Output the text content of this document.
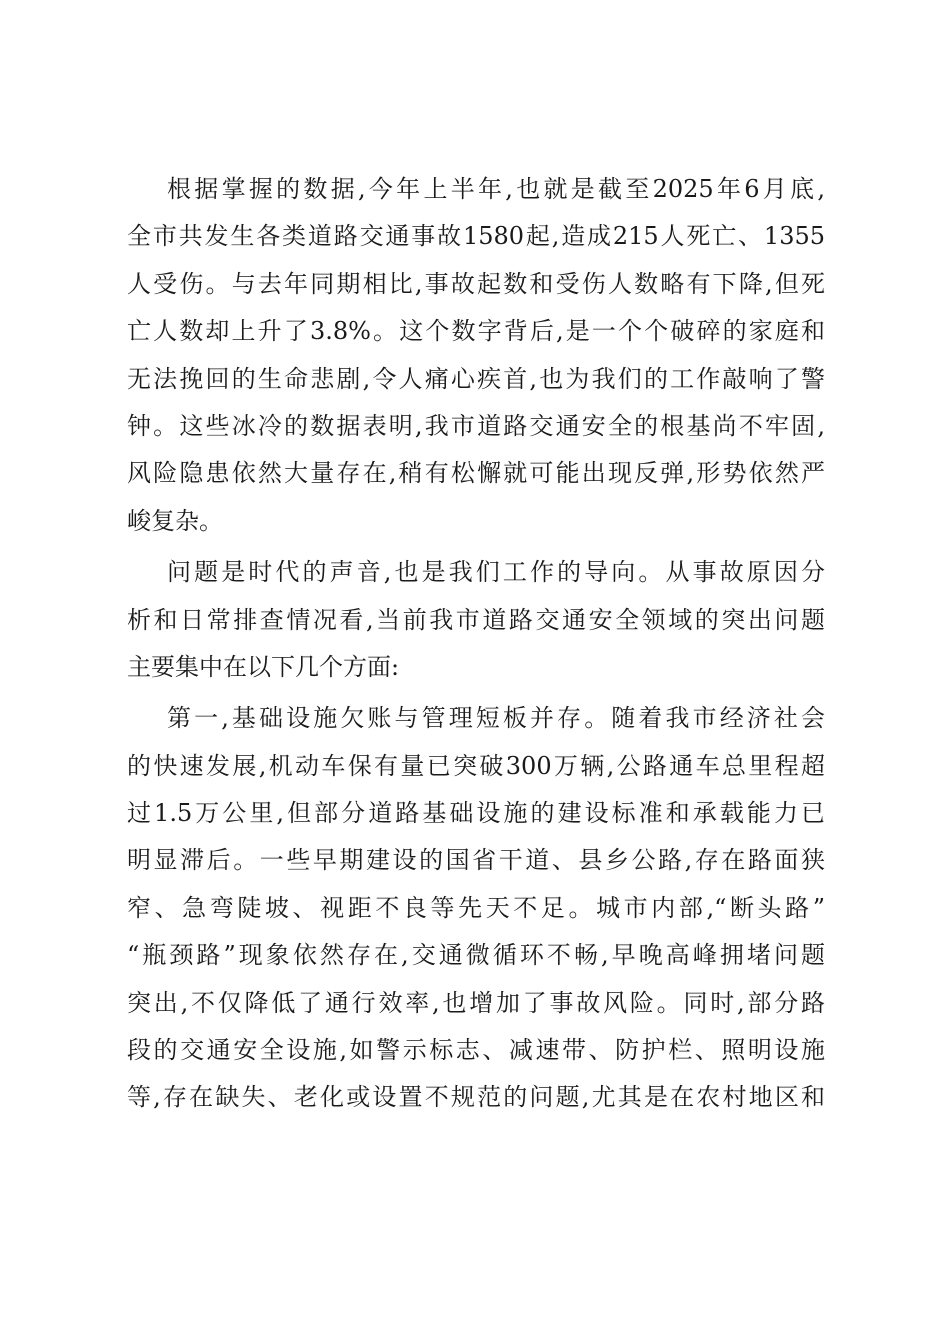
根据掌握的数据,今年上半年,也就是截至2025年6月底,
全市共发生各类道路交通事故1580起,造成215人死亡、1355
人受伤。与去年同期相比,事故起数和受伤人数略有下降,但死
亡人数却上升了3.8%。这个数字背后,是一个个破碎的家庭和
无法挽回的生命悲剧,令人痛心疾首,也为我们的工作敲响了警
钟。这些冰冷的数据表明,我市道路交通安全的根基尚不牢固,
风险隐患依然大量存在,稍有松懈就可能出现反弹,形势依然严
峻复杂。
问题是时代的声音,也是我们工作的导向。从事故原因分
析和日常排查情况看,当前我市道路交通安全领域的突出问题
主要集中在以下几个方面:
第一,基础设施欠账与管理短板并存。随着我市经济社会
的快速发展,机动车保有量已突破300万辆,公路通车总里程超
过1.5万公里,但部分道路基础设施的建设标准和承载能力已
明显滞后。一些早期建设的国省干道、县乡公路,存在路面狭
窄、急弯陡坡、视距不良等先天不足。城市内部,“断头路”
“瓶颈路”现象依然存在,交通微循环不畅,早晚高峰拥堵问题
突出,不仅降低了通行效率,也增加了事故风险。同时,部分路
段的交通安全设施,如警示标志、减速带、防护栏、照明设施
等,存在缺失、老化或设置不规范的问题,尤其是在农村地区和
